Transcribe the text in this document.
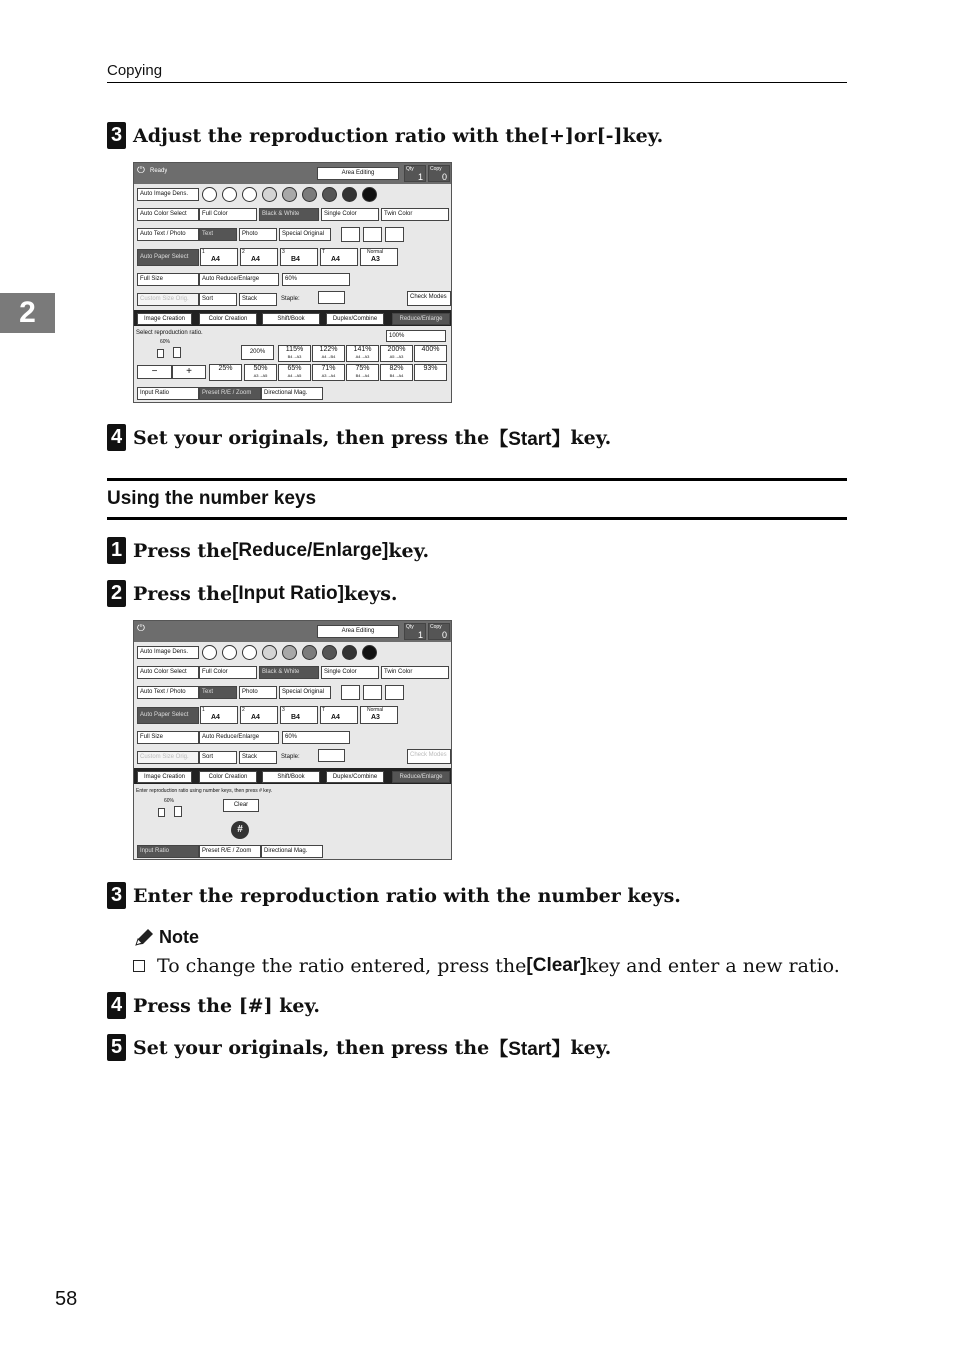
Copying
2
3 Adjust the reproduction ratio with the [+] or [-] key.
⏻ Ready	Area Editing
Qty
1
Copy
0
Auto Image Dens.
Auto Color Select	Full Color	Black & White	Single Color	Twin Color
Auto Text / Photo	Text	Photo	Special Original
Auto Paper Select
1
A4
2
A4
3
B4
T
A4
Normal
A3
Full Size	Auto Reduce/Enlarge	60%
Custom Size Orig.	Sort	Stack	Staple:	Check Modes
Image Creation	Color Creation	Shift/Book	Duplex/Combine	Reduce/Enlarge
Select reproduction ratio.	100%
60%
200%	115%
B4→A3
122%
A4→B4
141%
A4→A3
200%
A5→A3
400%
−	+	25%	50%
A3→A5
65%
A4→A5
71%
A3→A4
75%
B4→A4
82%
B4→A4
93%
Input Ratio	Preset R/E / Zoom	Directional Mag.
4 Set your originals, then press the 【Start】 key.
Using the number keys
1 Press the [Reduce/Enlarge] key.
2 Press the [Input Ratio] keys.
⏻	Area Editing
Qty
1
Copy
0
Auto Image Dens.
Auto Color Select	Full Color	Black & White	Single Color	Twin Color
Auto Text / Photo	Text	Photo	Special Original
Auto Paper Select
1
A4
2
A4
3
B4
T
A4
Normal
A3
Full Size	Auto Reduce/Enlarge	60%
Custom Size Orig.	Sort	Stack	Staple:	Check Modes
Image Creation	Color Creation	Shift/Book	Duplex/Combine	Reduce/Enlarge
Enter reproduction ratio using number keys, then press # key.
60%
Clear
#
Input Ratio	Preset R/E / Zoom	Directional Mag.
3 Enter the reproduction ratio with the number keys.
Note
To change the ratio entered, press the [Clear] key and enter a new ratio.
4 Press the [#] key.
5 Set your originals, then press the 【Start】 key.
58
